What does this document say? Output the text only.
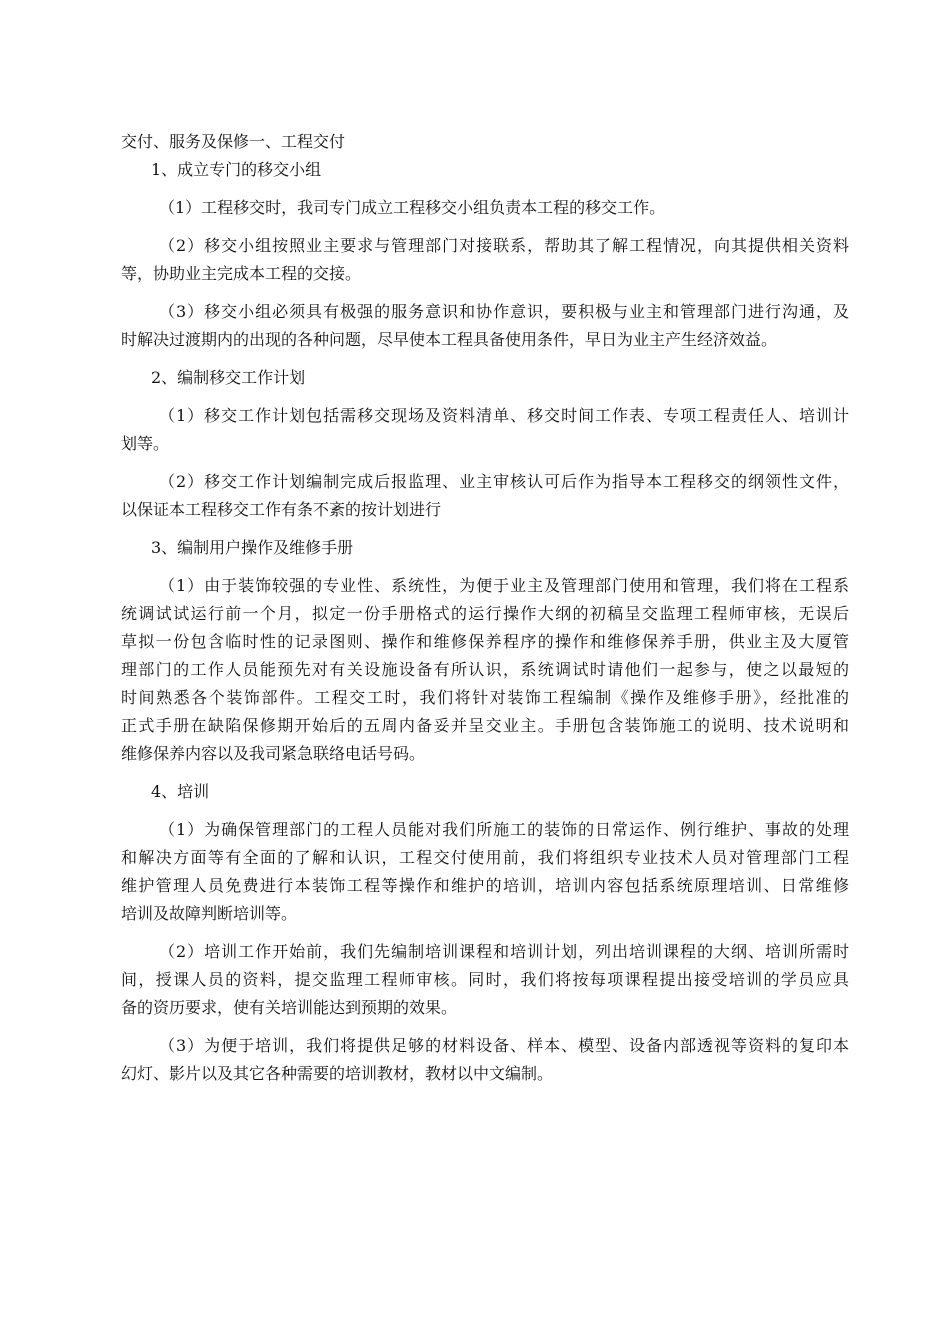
交付、服务及保修一、工程交付
1、成立专门的移交小组
（1）工程移交时，我司专门成立工程移交小组负责本工程的移交工作。
（2）移交小组按照业主要求与管理部门对接联系，帮助其了解工程情况，向其提供相关资料
等，协助业主完成本工程的交接。
（3）移交小组必须具有极强的服务意识和协作意识，要积极与业主和管理部门进行沟通，及
时解决过渡期内的出现的各种问题，尽早使本工程具备使用条件，早日为业主产生经济效益。
2、编制移交工作计划
（1）移交工作计划包括需移交现场及资料清单、移交时间工作表、专项工程责任人、培训计
划等。
（2）移交工作计划编制完成后报监理、业主审核认可后作为指导本工程移交的纲领性文件，
以保证本工程移交工作有条不紊的按计划进行
3、编制用户操作及维修手册
（1）由于装饰较强的专业性、系统性，为便于业主及管理部门使用和管理，我们将在工程系
统调试试运行前一个月，拟定一份手册格式的运行操作大纲的初稿呈交监理工程师审核，无误后
草拟一份包含临时性的记录图则、操作和维修保养程序的操作和维修保养手册，供业主及大厦管
理部门的工作人员能预先对有关设施设备有所认识，系统调试时请他们一起参与，使之以最短的
时间熟悉各个装饰部件。工程交工时，我们将针对装饰工程编制《操作及维修手册》，经批准的
正式手册在缺陷保修期开始后的五周内备妥并呈交业主。手册包含装饰施工的说明、技术说明和
维修保养内容以及我司紧急联络电话号码。
4、培训
（1）为确保管理部门的工程人员能对我们所施工的装饰的日常运作、例行维护、事故的处理
和解决方面等有全面的了解和认识，工程交付使用前，我们将组织专业技术人员对管理部门工程
维护管理人员免费进行本装饰工程等操作和维护的培训，培训内容包括系统原理培训、日常维修
培训及故障判断培训等。
（2）培训工作开始前，我们先编制培训课程和培训计划，列出培训课程的大纲、培训所需时
间，授课人员的资料，提交监理工程师审核。同时，我们将按每项课程提出接受培训的学员应具
备的资历要求，使有关培训能达到预期的效果。
（3）为便于培训，我们将提供足够的材料设备、样本、模型、设备内部透视等资料的复印本
幻灯、影片以及其它各种需要的培训教材，教材以中文编制。
